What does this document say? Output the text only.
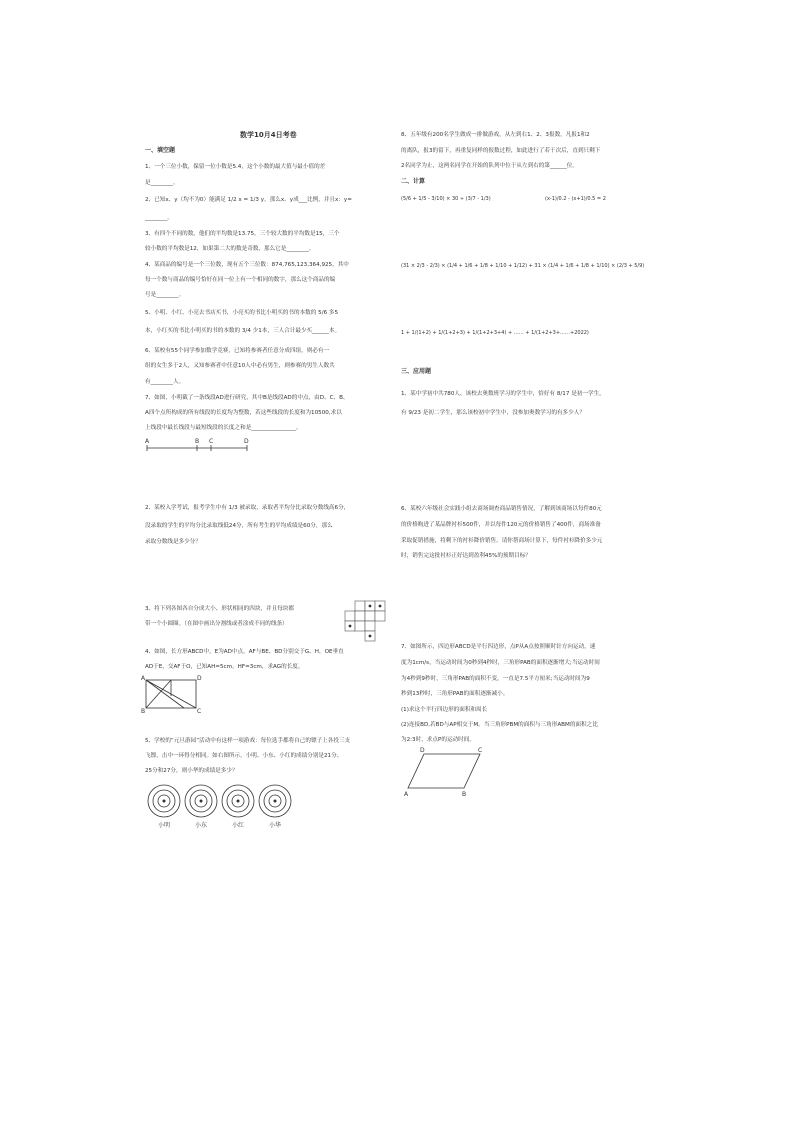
数学10月4日考卷
一、填空题
1、一个三位小数，保留一位小数是5.4，这个小数的最大值与最小值的差
是________。
2、已知x、y（均不为0）能满足 1/2 x = 1/3 y，那么x、y成___比例，并且x：y=
________。
3、有四个不同的数，他们的平均数是13.75，三个较大数的平均数是15，三个
较小数的平均数是12，如果第二大的数是奇数，那么它是________。
4、某商品的编号是一个三位数，现有五个三位数：874,765,123,364,925，其中
每一个数与商品的编号恰好在同一位上有一个相同的数字，那么这个商品的编
号是________。
5、小明、小红、小亮去书店买书，小亮买的书比小明买的书的本数的 5/6 多5
本，小红买的书比小明买的书的本数的 3/4 少1本，三人合计最少买______本。
6、某校有55个同学参加数学竞赛，已知将参赛者任意分成四组，则必有一
组的女生多于2人，又知参赛者中任意10人中必有男生，则参赛的男生人数共
有________人。
7、如图，小明截了一条线段AD进行研究，其中B是线段AD的中点，由D、C、B、
A四个点所构成的所有线段的长度均为整数，若这些线段的长度和为10500,求以
上线段中最长线段与最短线段的长度之和是________________。
A	B C	D
2、某校入学考试，报考学生中有 1/3 被录取，录取者平均分比录取分数线高6分，
没录取的学生的平均分比录取线低24分，所有考生的平均成绩是60分，那么
录取分数线是多少分？
3、将下列各图各自分成大小、形状相同的四块，并且每块都
带一个小圆圈。（在图中画出分割线或者涂成不同的线条）
4、如图，长方形ABCD中，E为AD中点，AF与BE、BD分别交于G、H，OE垂直
AD于E，交AF于O，已知AH=5cm，HF=3cm，求AG的长度。
A	D
B	C
5、学校的“元旦游园”活动中有这样一项游戏：每位选手都将自己的镖子上各投三支
飞镖，击中一环得分相同。如右图所示，小明、小东、小红的成绩分别是21分、
25分和27分，则小华的成绩是多少？
小明	小东	小红	小华
8、五年级有200名学生做成一排做游戏，从左到右1、2、3报数，凡报1和2
的离队，报3的留下，再重复同样的报数过程，如此进行了若干次后，直到只剩下
2名同学为止，这两名同学在开始的队列中位于从左到右的第______位。
二、计算
(5/6 + 1/5 - 3/10) × 30 ÷ (3/7 - 1/3)	(x-1)/0.2 - (x+1)/0.5 = 2
(31 × 2/3 - 2/3) × (1/4 + 1/6 + 1/8 + 1/10 + 1/12) + 31 × (1/4 + 1/6 + 1/8 + 1/10) × (2/3 + 5/9)
1 + 1/(1+2) + 1/(1+2+3) + 1/(1+2+3+4) + …… + 1/(1+2+3+……+2022)
三、应用题
1、某中学初中共780人，该校去奥数班学习的学生中，恰好有 8/17 是初一学生，
有 9/23 是初二学生，那么该校初中学生中，没参加奥数学习的有多少人？
6、某校六年级社会实践小组去商场调查商品销售情况，了解到该商场以每件80元
的价格购进了某品牌衬衫500件，并以每件120元的价格销售了400件，商场准备
采取促销措施，将剩下的衬衫降价销售。请你帮商场计算下，每件衬衫降价多少元
时，销售完这批衬衫正好达到盈利45%的预期目标？
7、如图所示，四边形ABCD是平行四边形，点P从A点按照顺时针方向运动，速
度为1cm/s，当运动时间为0秒到4秒时，三角形PAB的面积逐渐增大;当运动时间
为4秒到9秒时，三角形PAB的面积不变，一直是7.5平方厘米;当运动时间为9
秒到13秒时，三角形PAB的面积逐渐减小。
(1)求这个平行四边形的面积和周长
(2)连接BD,若BD与AP相交于M，当三角形PBM的面积与三角形ABM的面积之比
为2:3时，求点P的运动时间。
D	C
A	B
